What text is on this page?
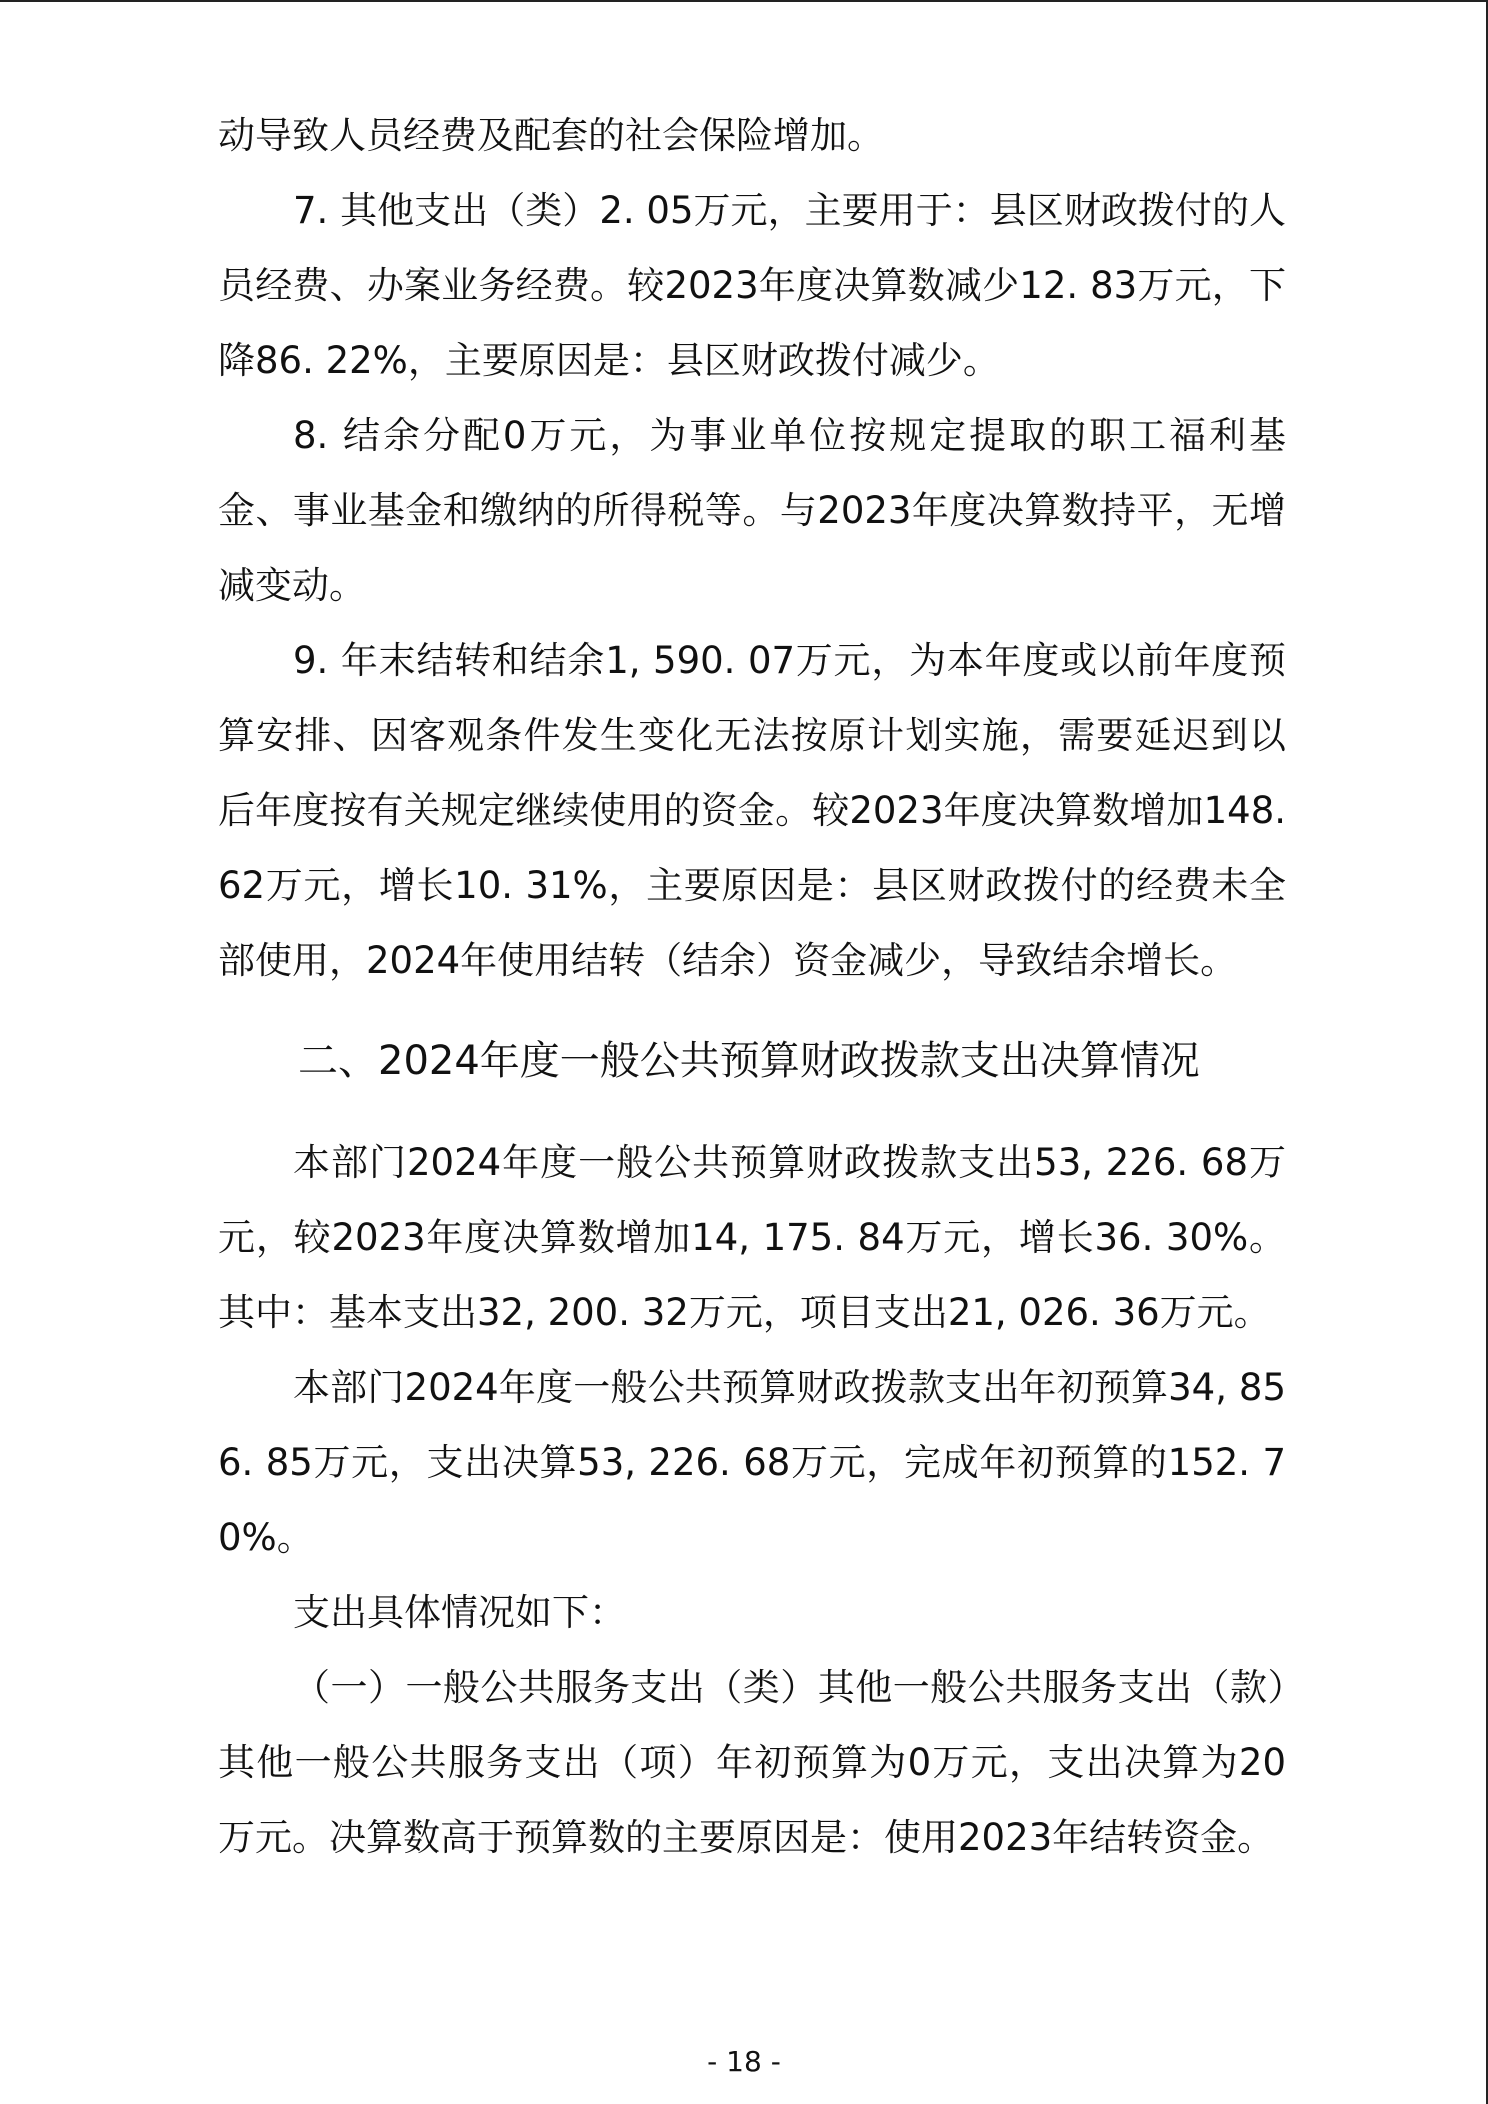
动导致人员经费及配套的社会保险增加。

7. 其他支出（类）2. 05万元，主要用于：县区财政拨付的人员经费、办案业务经费。较2023年度决算数减少12. 83万元，下降86. 22%，主要原因是：县区财政拨付减少。

8. 结余分配0万元，为事业单位按规定提取的职工福利基金、事业基金和缴纳的所得税等。与2023年度决算数持平，无增减变动。

9. 年末结转和结余1, 590. 07万元，为本年度或以前年度预算安排、因客观条件发生变化无法按原计划实施，需要延迟到以后年度按有关规定继续使用的资金。较2023年度决算数增加148. 62万元，增长10. 31%，主要原因是：县区财政拨付的经费未全部使用，2024年使用结转（结余）资金减少，导致结余增长。

二、2024年度一般公共预算财政拨款支出决算情况

本部门2024年度一般公共预算财政拨款支出53, 226. 68万元，较2023年度决算数增加14, 175. 84万元，增长36. 30%。其中：基本支出32, 200. 32万元，项目支出21, 026. 36万元。

本部门2024年度一般公共预算财政拨款支出年初预算34, 856. 85万元，支出决算53, 226. 68万元，完成年初预算的152. 70%。

支出具体情况如下：

（一）一般公共服务支出（类）其他一般公共服务支出（款）其他一般公共服务支出（项）年初预算为0万元，支出决算为20万元。决算数高于预算数的主要原因是：使用2023年结转资金。

- 18 -
